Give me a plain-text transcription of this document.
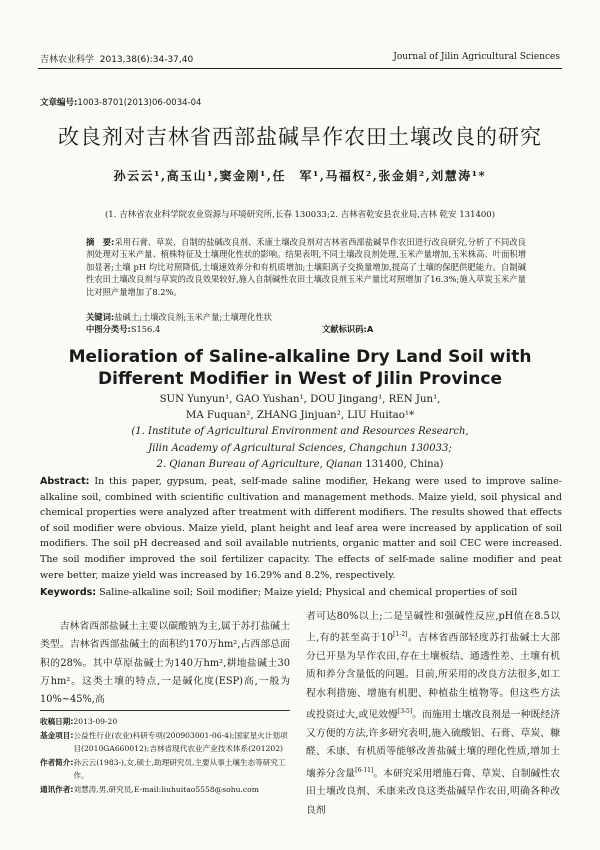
吉林农业科学 2013,38(6):34-37,40	Journal of Jilin Agricultural Sciences
文章编号:1003-8701(2013)06-0034-04
改良剂对吉林省西部盐碱旱作农田土壤改良的研究
孙云云¹,高玉山¹,窦金刚¹,任　军¹,马福权²,张金娟²,刘慧涛¹*
(1. 吉林省农业科学院农业资源与环境研究所,长春 130033;2. 吉林省乾安县农业局,吉林 乾安 131400)

摘　要:采用石膏、草炭、自制的盐碱改良剂、禾康土壤改良剂对吉林省西部盐碱旱作农田进行改良研究,分析了不同改良剂处理对玉米产量、植株特征及土壤理化性状的影响。结果表明,不同土壤改良剂处理,玉米产量增加,玉米株高、叶面积增加显著;土壤 pH 均比对照降低,土壤速效养分和有机质增加;土壤阳离子交换量增加,提高了土壤的保肥供肥能力。自制碱性农田土壤改良剂与草炭的改良效果较好,施入自制碱性农田土壤改良剂玉米产量比对照增加了16.3%;施入草炭玉米产量比对照产量增加了8.2%。

关键词:盐碱土;土壤改良剂;玉米产量;土壤理化性状

中图分类号:S156.4	文献标识码:A
Melioration of Saline-alkaline Dry Land Soil with
Different Modifier in West of Jilin Province
SUN Yunyun¹, GAO Yushan¹, DOU Jingang¹, REN Jun¹,
MA Fuquan², ZHANG Jinjuan², LIU Huitao¹*
(1. Institute of Agricultural Environment and Resources Research,
Jilin Academy of Agricultural Sciences, Changchun 130033;
2. Qianan Bureau of Agriculture, Qianan 131400, China)

Abstract: In this paper, gypsum, peat, self-made saline modifier, Hekang were used to improve saline-alkaline soil, combined with scientific cultivation and management methods. Maize yield, soil physical and chemical properties were analyzed after treatment with different modifiers. The results showed that effects of soil modifier were obvious. Maize yield, plant height and leaf area were increased by application of soil modifiers. The soil pH decreased and soil available nutrients, organic matter and soil CEC were increased. The soil modifier improved the soil fertilizer capacity. The effects of self-made saline modifier and peat were better, maize yield was increased by 16.29% and 8.2%, respectively.

Keywords: Saline-alkaline soil; Soil modifier; Maize yield; Physical and chemical properties of soil

吉林省西部盐碱土主要以碳酸钠为主,属于苏打盐碱土类型。吉林省西部盐碱土的面积约170万hm²,占西部总面积的28%。其中草原盐碱土为140万hm²,耕地盐碱土30万hm²。这类土壤的特点,一是碱化度(ESP)高,一般为10%~45%,高

者可达80%以上;二是呈碱性和强碱性反应,pH值在8.5以上,有的甚至高于10[1-2]。吉林省西部轻度苏打盐碱土大部分已开垦为旱作农田,存在土壤板结、通透性差、土壤有机质和养分含量低的问题。目前,所采用的改良方法很多,如工程水利措施、增施有机肥、种植盐生植物等。但这些方法或投资过大,或见效慢[3-5]。而施用土壤改良剂是一种既经济又方便的方法,许多研究表明,施入硫酸铝、石膏、草炭、糠醛、禾康、有机质等能够改善盐碱土壤的理化性质,增加土壤养分含量[6-11]。本研究采用增施石膏、草炭、自制碱性农田土壤改良剂、禾康来改良这类盐碱旱作农田,明确各种改良剂

收稿日期: 2013-09-20
基金项目: 公益性行业(农业)科研专项(200903001-06-4);国家星火计划项目(2010GA660012);吉林省现代农业产业技术体系(201202)
作者简介: 孙云云(1983-),女,硕士,助理研究员,主要从事土壤生态等研究工作。
通讯作者: 刘慧涛,男,研究员,E-mail:liuhuitao5558@sohu.com
